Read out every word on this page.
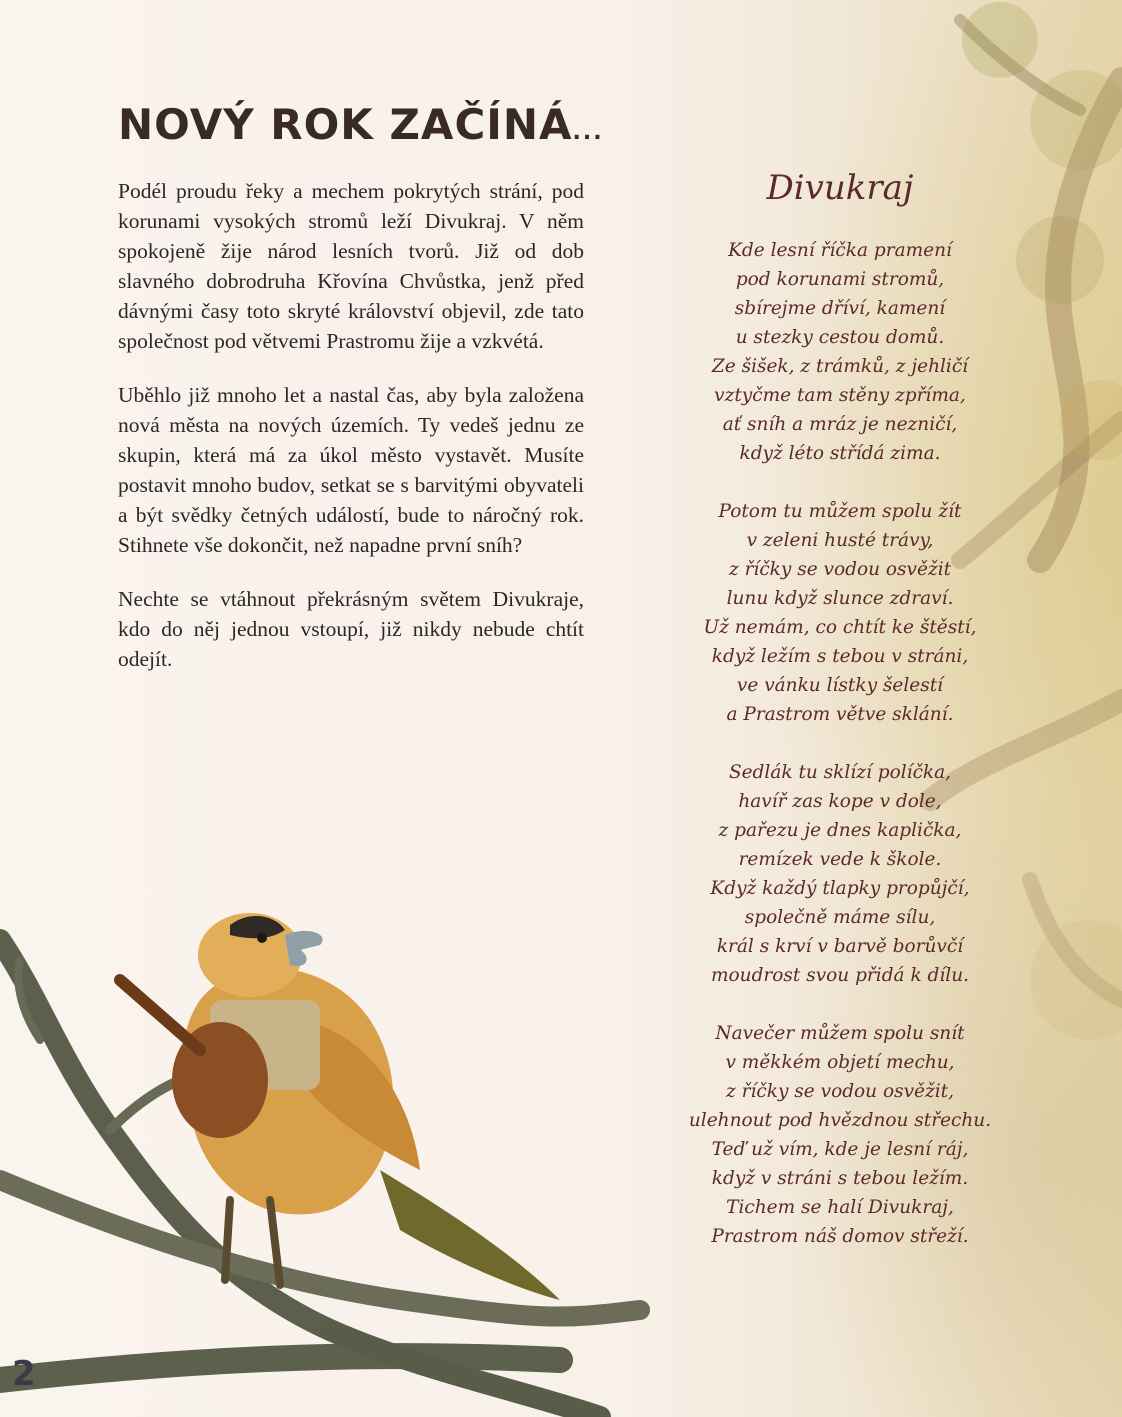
NOVÝ ROK ZAČÍNÁ...

Podél proudu řeky a mechem pokrytých strání, pod korunami vysokých stromů leží Divukraj. V něm spokojeně žije národ lesních tvorů. Již od dob slavného dobrodruha Křovína Chvůstka, jenž před dávnými časy toto skryté království objevil, zde tato společnost pod větvemi Prastromu žije a vzkvétá.

Uběhlo již mnoho let a nastal čas, aby byla založena nová města na nových územích. Ty vedeš jednu ze skupin, která má za úkol město vystavět. Musíte postavit mnoho budov, setkat se s barvitými obyvateli a být svědky četných událostí, bude to náročný rok. Stihnete vše dokončit, než napadne první sníh?

Nechte se vtáhnout překrásným světem Divukraje, kdo do něj jednou vstoupí, již nikdy nebude chtít odejít.

Divukraj
Kde lesní říčka pramení
pod korunami stromů,
sbírejme dříví, kamení
u stezky cestou domů.
Ze šišek, z trámků, z jehličí
vztyčme tam stěny zpříma,
ať sníh a mráz je nezničí,
když léto střídá zima.
Potom tu můžem spolu žít
v zeleni husté trávy,
z říčky se vodou osvěžit
lunu když slunce zdraví.
Už nemám, co chtít ke štěstí,
když ležím s tebou v stráni,
ve vánku lístky šelestí
a Prastrom větve sklání.
Sedlák tu sklízí políčka,
havíř zas kope v dole,
z pařezu je dnes kaplička,
remízek vede k škole.
Když každý tlapky propůjčí,
společně máme sílu,
král s krví v barvě borůvčí
moudrost svou přidá k dílu.
Navečer můžem spolu snít
v měkkém objetí mechu,
z říčky se vodou osvěžit,
ulehnout pod hvězdnou střechu.
Teď už vím, kde je lesní ráj,
když v stráni s tebou ležím.
Tichem se halí Divukraj,
Prastrom náš domov střeží.
2
